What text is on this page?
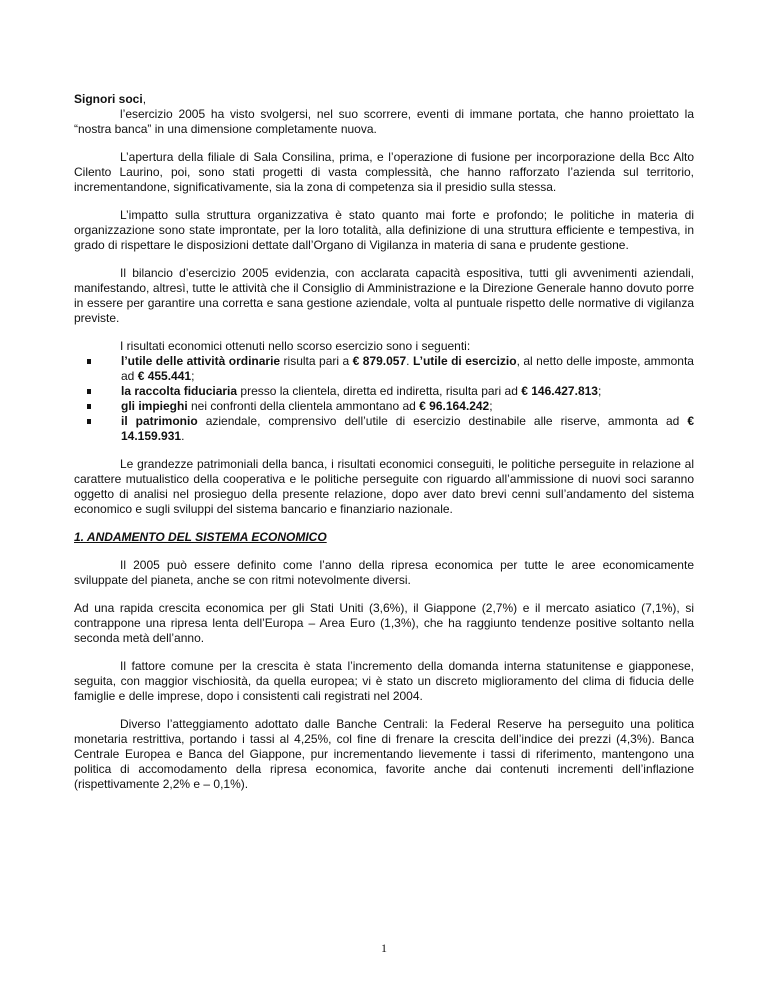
Signori soci,

l’esercizio 2005 ha visto svolgersi, nel suo scorrere, eventi di immane portata, che hanno proiettato la “nostra banca” in una dimensione completamente nuova.

L’apertura della filiale di Sala Consilina, prima, e l’operazione di fusione per incorporazione della Bcc Alto Cilento Laurino, poi, sono stati progetti di vasta complessità, che hanno rafforzato l’azienda sul territorio, incrementandone, significativamente, sia la zona di competenza sia il presidio sulla stessa.

L’impatto sulla struttura organizzativa è stato quanto mai forte e profondo; le politiche in materia di organizzazione sono state improntate, per la loro totalità, alla definizione di una struttura efficiente e tempestiva, in grado di rispettare le disposizioni dettate dall’Organo di Vigilanza in materia di sana e prudente gestione.

Il bilancio d’esercizio 2005 evidenzia, con acclarata capacità espositiva, tutti gli avvenimenti aziendali, manifestando, altresì, tutte le attività che il Consiglio di Amministrazione e la Direzione Generale hanno dovuto porre in essere per garantire una corretta e sana gestione aziendale, volta al puntuale rispetto delle normative di vigilanza previste.

I risultati economici ottenuti nello scorso esercizio sono i seguenti:

l’utile delle attività ordinarie risulta pari a € 879.057. L’utile di esercizio, al netto delle imposte, ammonta ad € 455.441;
la raccolta fiduciaria presso la clientela, diretta ed indiretta, risulta pari ad € 146.427.813;
gli impieghi nei confronti della clientela ammontano ad € 96.164.242;
il patrimonio aziendale, comprensivo dell’utile di esercizio destinabile alle riserve, ammonta ad € 14.159.931.

Le grandezze patrimoniali della banca, i risultati economici conseguiti, le politiche perseguite in relazione al carattere mutualistico della cooperativa e le politiche perseguite con riguardo all’ammissione di nuovi soci saranno oggetto di analisi nel prosieguo della presente relazione, dopo aver dato brevi cenni sull’andamento del sistema economico e sugli sviluppi del sistema bancario e finanziario nazionale.

1. ANDAMENTO DEL SISTEMA ECONOMICO

Il 2005 può essere definito come l’anno della ripresa economica per tutte le aree economicamente sviluppate del pianeta, anche se con ritmi notevolmente diversi.

Ad una rapida crescita economica per gli Stati Uniti (3,6%), il Giappone (2,7%) e il mercato asiatico (7,1%), si contrappone una ripresa lenta dell’Europa – Area Euro (1,3%), che ha raggiunto tendenze positive soltanto nella seconda metà dell’anno.

Il fattore comune per la crescita è stata l’incremento della domanda interna statunitense e giapponese, seguita, con maggior vischiosità, da quella europea; vi è stato un discreto miglioramento del clima di fiducia delle famiglie e delle imprese, dopo i consistenti cali registrati nel 2004.

Diverso l’atteggiamento adottato dalle Banche Centrali: la Federal Reserve ha perseguito una politica monetaria restrittiva, portando i tassi al 4,25%, col fine di frenare la crescita dell’indice dei prezzi (4,3%). Banca Centrale Europea e Banca del Giappone, pur incrementando lievemente i tassi di riferimento, mantengono una politica di accomodamento della ripresa economica, favorite anche dai contenuti incrementi dell’inflazione (rispettivamente 2,2% e – 0,1%).

1
